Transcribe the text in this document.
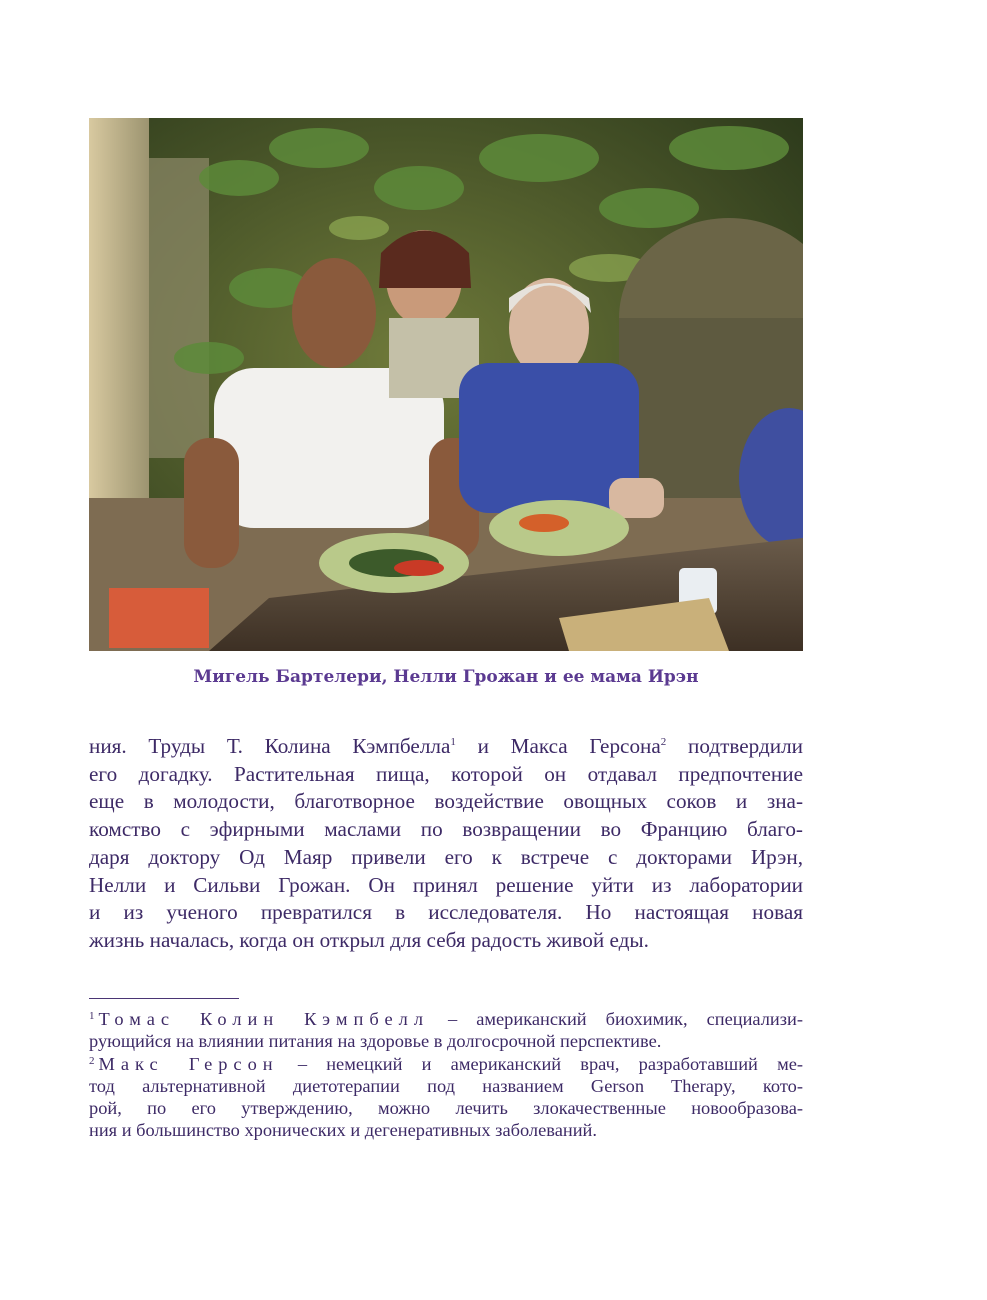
Мигель Бартелери, Нелли Грожан и ее мама Ирэн
ния. Труды Т. Колина Кэмпбелла$^1$ и Макса Герсона$^2$ подтвердили
его догадку. Растительная пища, которой он отдавал предпочтение
еще в молодости, благотворное воздействие овощных соков и зна-
комство с эфирными маслами по возвращении во Францию благо-
даря доктору Од Маяр привели его к встрече с докторами Ирэн,
Нелли и Сильви Грожан. Он принял решение уйти из лаборатории
и из ученого превратился в исследователя. Но настоящая новая
жизнь началась, когда он открыл для себя радость живой еды.
$^1$ Томас Колин Кэмпбелл – американский биохимик, специализи-
рующийся на влиянии питания на здоровье в долгосрочной перспективе.
$^2$ Макс Герсон – немецкий и американский врач, разработавший ме-
тод альтернативной диетотерапии под названием Gerson Therapy, кото-
рой, по его утверждению, можно лечить злокачественные новообразова-
ния и большинство хронических и дегенеративных заболеваний.
